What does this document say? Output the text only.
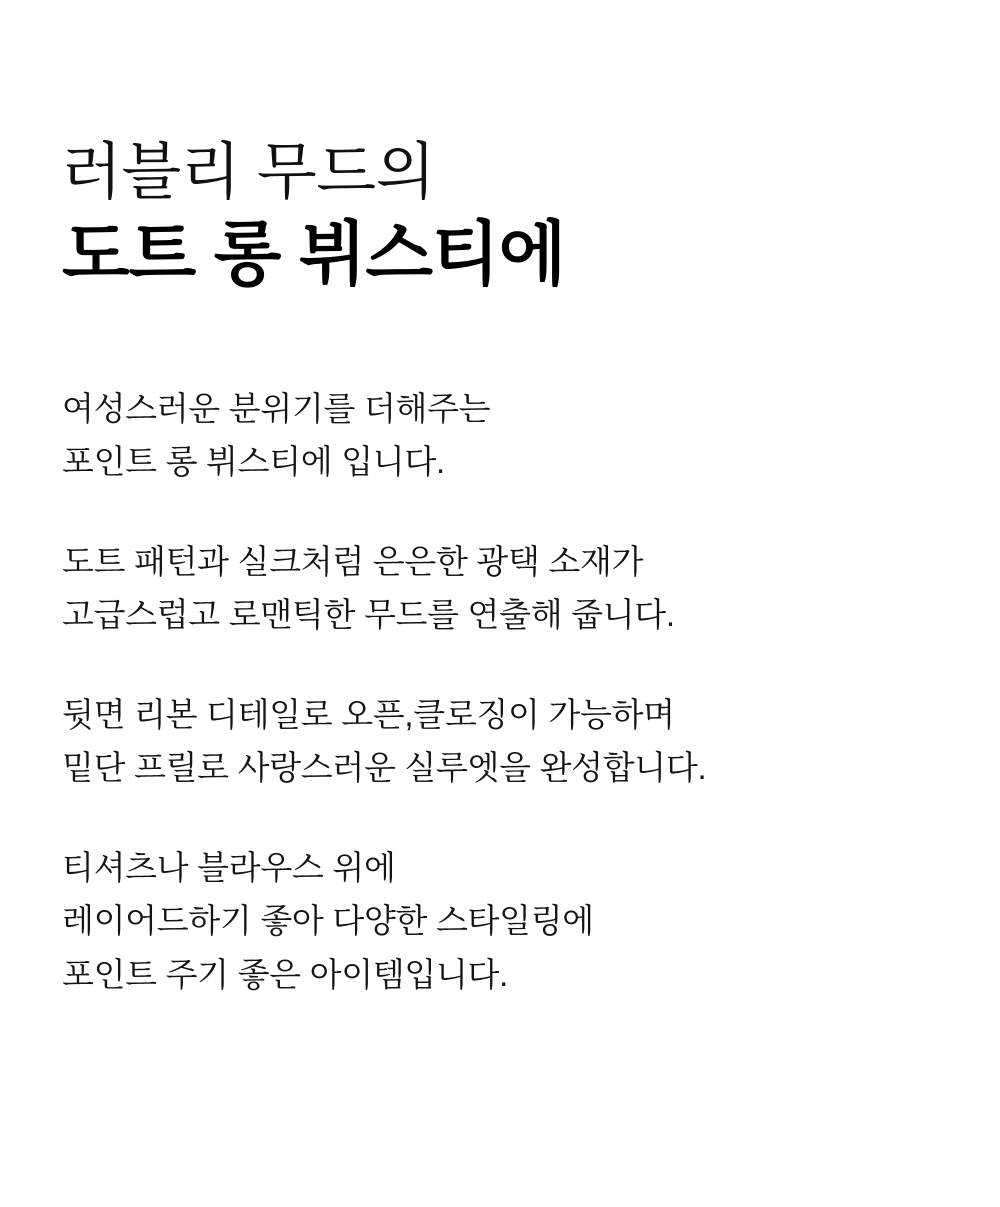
러블리 무드의
도트 롱 뷔스티에
여성스러운 분위기를 더해주는
포인트 롱 뷔스티에 입니다.
도트 패턴과 실크처럼 은은한 광택 소재가
고급스럽고 로맨틱한 무드를 연출해 줍니다.
뒷면 리본 디테일로 오픈,클로징이 가능하며
밑단 프릴로 사랑스러운 실루엣을 완성합니다.
티셔츠나 블라우스 위에
레이어드하기 좋아 다양한 스타일링에
포인트 주기 좋은 아이템입니다.
